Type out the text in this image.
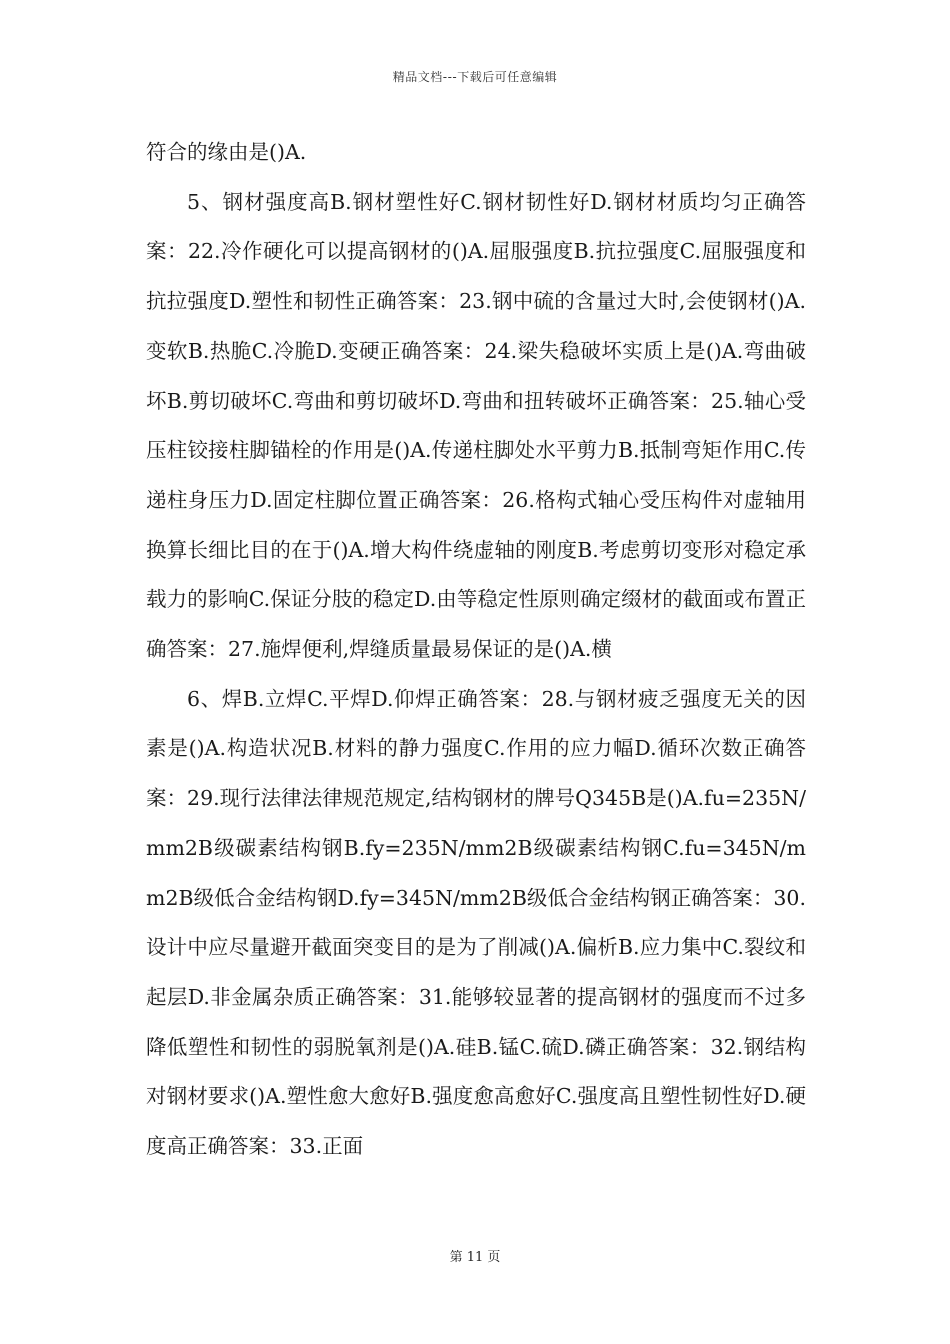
精品文档---下载后可任意编辑

符合的缘由是()A.

5、钢材强度高B.钢材塑性好C.钢材韧性好D.钢材材质均匀正确答案：22.冷作硬化可以提高钢材的()A.屈服强度B.抗拉强度C.屈服强度和抗拉强度D.塑性和韧性正确答案：23.钢中硫的含量过大时,会使钢材()A.变软B.热脆C.冷脆D.变硬正确答案：24.梁失稳破坏实质上是()A.弯曲破坏B.剪切破坏C.弯曲和剪切破坏D.弯曲和扭转破坏正确答案：25.轴心受压柱铰接柱脚锚栓的作用是()A.传递柱脚处水平剪力B.抵制弯矩作用C.传递柱身压力D.固定柱脚位置正确答案：26.格构式轴心受压构件对虚轴用换算长细比目的在于()A.增大构件绕虚轴的刚度B.考虑剪切变形对稳定承载力的影响C.保证分肢的稳定D.由等稳定性原则确定缀材的截面或布置正确答案：27.施焊便利,焊缝质量最易保证的是()A.横

6、焊B.立焊C.平焊D.仰焊正确答案：28.与钢材疲乏强度无关的因素是()A.构造状况B.材料的静力强度C.作用的应力幅D.循环次数正确答案：29.现行法律法律规范规定,结构钢材的牌号Q345B是()A.fu=235N/mm2B级碳素结构钢B.fy=235N/mm2B级碳素结构钢C.fu=345N/mm2B级低合金结构钢D.fy=345N/mm2B级低合金结构钢正确答案：30.设计中应尽量避开截面突变目的是为了削减()A.偏析B.应力集中C.裂纹和起层D.非金属杂质正确答案：31.能够较显著的提高钢材的强度而不过多降低塑性和韧性的弱脱氧剂是()A.硅B.锰C.硫D.磷正确答案：32.钢结构对钢材要求()A.塑性愈大愈好B.强度愈高愈好C.强度高且塑性韧性好D.硬度高正确答案：33.正面

第 11 页
